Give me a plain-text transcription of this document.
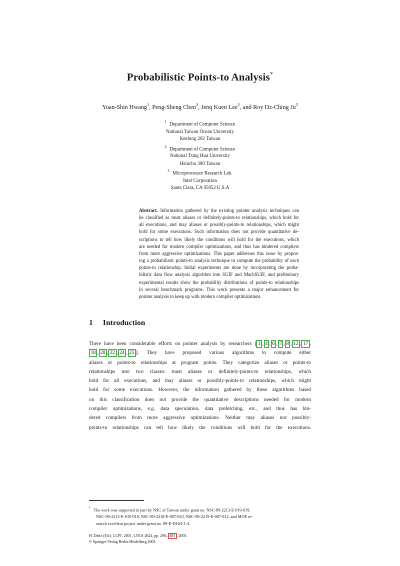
Probabilistic Points-to Analysis*
Yuan-Shin Hwang$^1$, Peng-Sheng Chen$^2$, Jenq Kuen Lee$^2$, and Roy Dz-Ching Ju$^3$
$^1$Department of Computer Science
National Taiwan Ocean University
Keelung 202 Taiwan
$^2$Department of Computer Science
National Tsing Hua University
Hsinchu 300 Taiwan
$^3$Microprocessor Research Lab.
Intel Corporation
Santa Clara, CA 95052 U.S.A
Abstract. Information gathered by the existing pointer analysis techniques can
be classified as must aliases or definitely-points-to relationships, which hold for
all executions, and may aliases or possibly-points-to relationships, which might
hold for some executions. Such information does not provide quantitative de-
scriptions to tell how likely the conditions will hold for the executions, which
are needed for modern compiler optimizations, and thus has hindered compilers
from more aggressive optimizations. This paper addresses this issue by propos-
ing a probabilistic points-to analysis technique to compute the probability of each
points-to relationship. Initial experiments are done by incorporating the proba-
bilistic data flow analysis algorithm into SUIF and MachSUIF, and preliminary
experimental results show the probability distributions of points-to relationships
in several benchmark programs. This work presents a major enhancement for
pointer analysis to keep up with modern compiler optimizations.
1 Introduction
There have been considerable efforts on pointer analysis by researchers [ 1 , 4 , 6 , 7 , 8 , 12 , 17 ,
18 , 20 , 22 , 24 , 25 ]. They have proposed various algorithms to compute either
aliases or points-to relationships at program points. They categorize aliases or points-to
relationships into two classes: must aliases or definitely-points-to relationships, which
hold for all executions, and may aliases or possibly-points-to relationships, which might
hold for some executions. However, the information gathered by these algorithms based
on this classification does not provide the quantitative descriptions needed for modern
compiler optimizations, e.g. data speculation, data prefetching, etc., and thus has hin-
dered compilers from more aggressive optimizations. Neither may aliases nor possibly-
points-to relationships can tell how likely the conditions will hold for the executions.
* The work was supported in part by NSC of Taiwan under grant no. NSC-89-2213-E-019-019,
NSC-90-2213-E-019-016, NSC-89-2218-E-007-023, NSC-89-2219-E-007-012, and MOE re-
search excellent project under grant no. 89-E-FA04-1-4.
H. Dietz (Ed.): LCPC 2001, LNCS 2624, pp. 290– 305 , 2003.
© Springer-Verlag Berlin Heidelberg 2003
